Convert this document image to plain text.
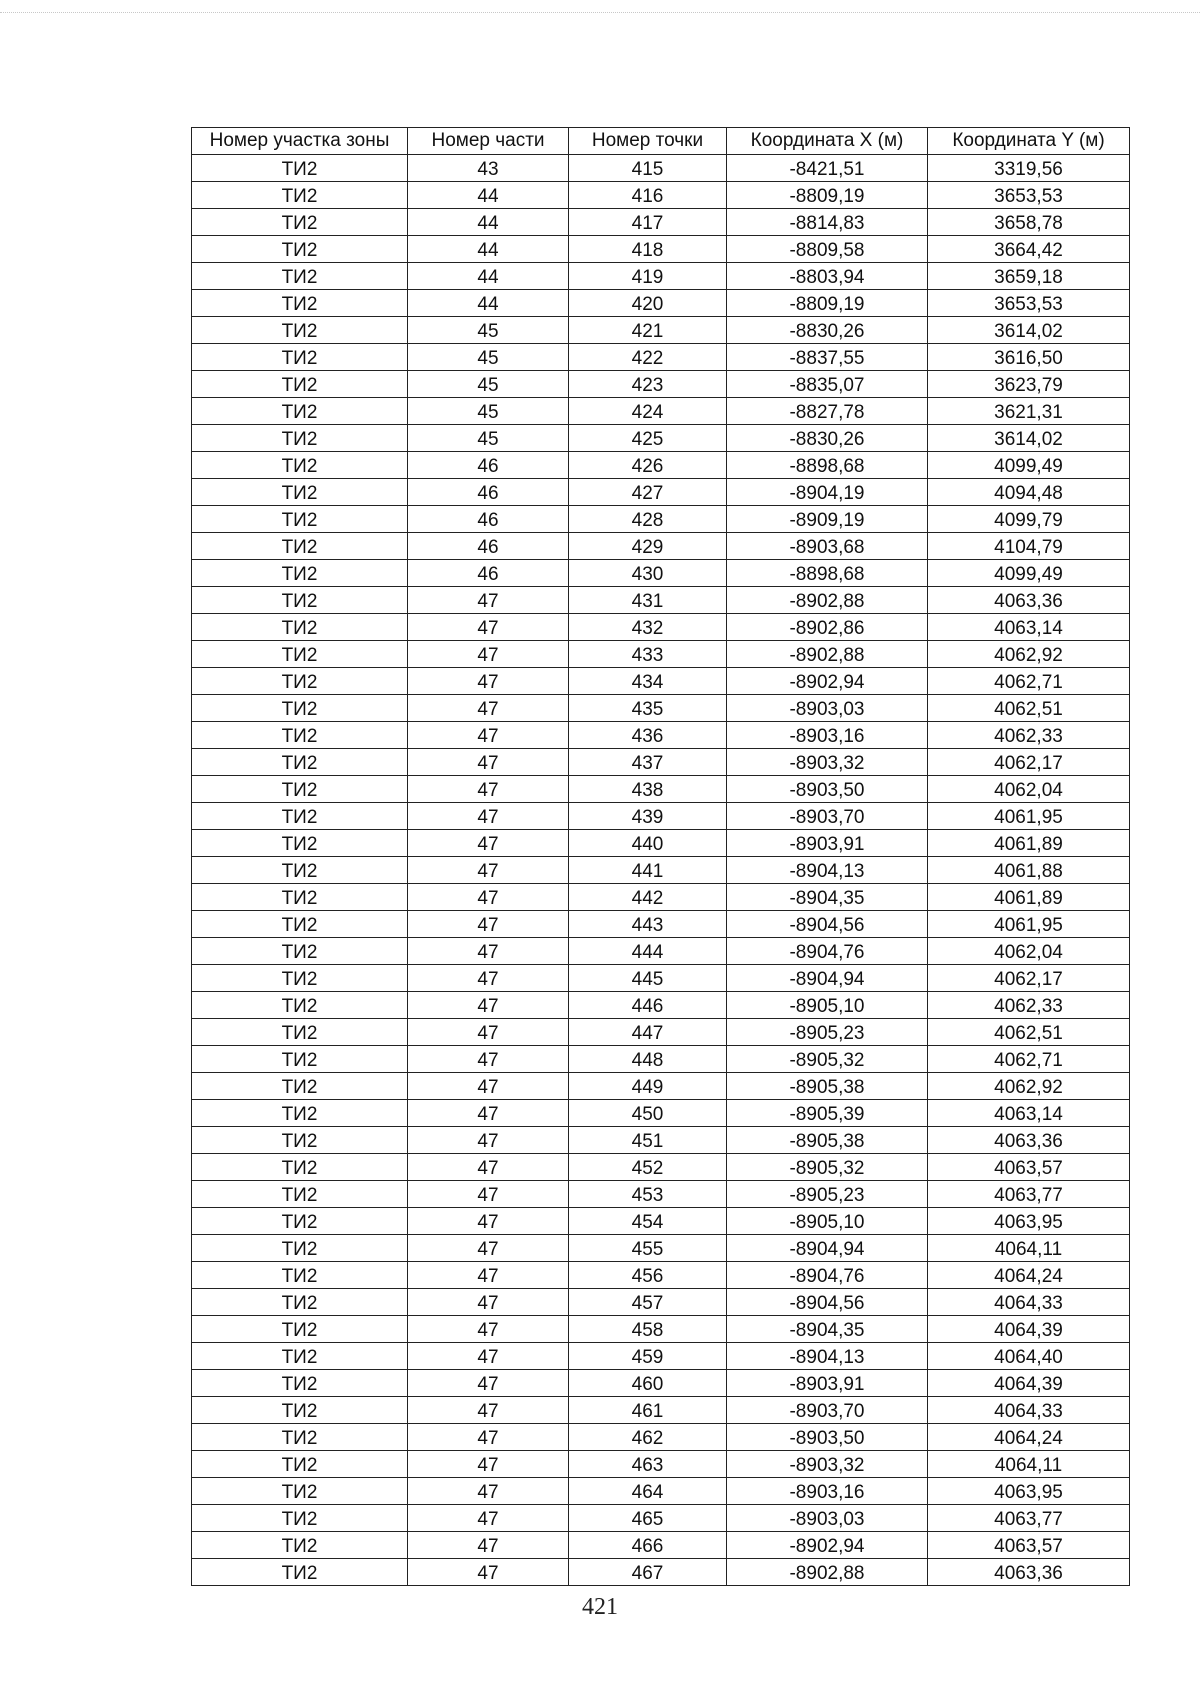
Номер участка зоны	Номер части	Номер точки	Координата X (м)	Координата Y (м)
ТИ2	43	415	-8421,51	3319,56
ТИ2	44	416	-8809,19	3653,53
ТИ2	44	417	-8814,83	3658,78
ТИ2	44	418	-8809,58	3664,42
ТИ2	44	419	-8803,94	3659,18
ТИ2	44	420	-8809,19	3653,53
ТИ2	45	421	-8830,26	3614,02
ТИ2	45	422	-8837,55	3616,50
ТИ2	45	423	-8835,07	3623,79
ТИ2	45	424	-8827,78	3621,31
ТИ2	45	425	-8830,26	3614,02
ТИ2	46	426	-8898,68	4099,49
ТИ2	46	427	-8904,19	4094,48
ТИ2	46	428	-8909,19	4099,79
ТИ2	46	429	-8903,68	4104,79
ТИ2	46	430	-8898,68	4099,49
ТИ2	47	431	-8902,88	4063,36
ТИ2	47	432	-8902,86	4063,14
ТИ2	47	433	-8902,88	4062,92
ТИ2	47	434	-8902,94	4062,71
ТИ2	47	435	-8903,03	4062,51
ТИ2	47	436	-8903,16	4062,33
ТИ2	47	437	-8903,32	4062,17
ТИ2	47	438	-8903,50	4062,04
ТИ2	47	439	-8903,70	4061,95
ТИ2	47	440	-8903,91	4061,89
ТИ2	47	441	-8904,13	4061,88
ТИ2	47	442	-8904,35	4061,89
ТИ2	47	443	-8904,56	4061,95
ТИ2	47	444	-8904,76	4062,04
ТИ2	47	445	-8904,94	4062,17
ТИ2	47	446	-8905,10	4062,33
ТИ2	47	447	-8905,23	4062,51
ТИ2	47	448	-8905,32	4062,71
ТИ2	47	449	-8905,38	4062,92
ТИ2	47	450	-8905,39	4063,14
ТИ2	47	451	-8905,38	4063,36
ТИ2	47	452	-8905,32	4063,57
ТИ2	47	453	-8905,23	4063,77
ТИ2	47	454	-8905,10	4063,95
ТИ2	47	455	-8904,94	4064,11
ТИ2	47	456	-8904,76	4064,24
ТИ2	47	457	-8904,56	4064,33
ТИ2	47	458	-8904,35	4064,39
ТИ2	47	459	-8904,13	4064,40
ТИ2	47	460	-8903,91	4064,39
ТИ2	47	461	-8903,70	4064,33
ТИ2	47	462	-8903,50	4064,24
ТИ2	47	463	-8903,32	4064,11
ТИ2	47	464	-8903,16	4063,95
ТИ2	47	465	-8903,03	4063,77
ТИ2	47	466	-8902,94	4063,57
ТИ2	47	467	-8902,88	4063,36
421
